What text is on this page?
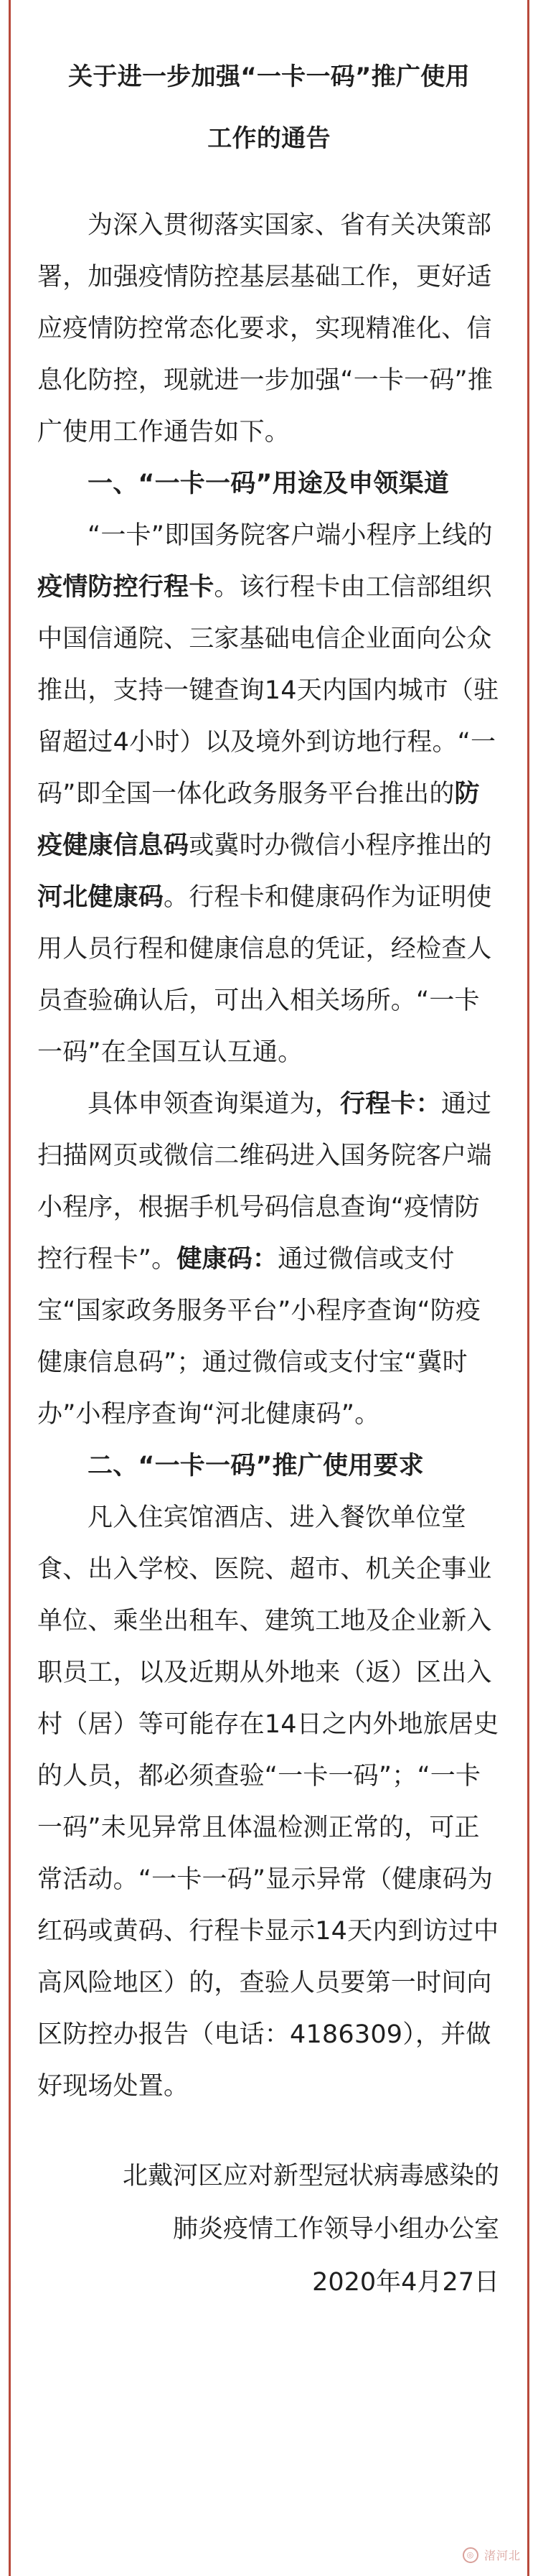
关于进一步加强“一卡一码”推广使用
工作的通告

为深入贯彻落实国家、省有关决策部署，加强疫情防控基层基础工作，更好适应疫情防控常态化要求，实现精准化、信息化防控，现就进一步加强“一卡一码”推广使用工作通告如下。

一、“一卡一码”用途及申领渠道

“一卡”即国务院客户端小程序上线的疫情防控行程卡。该行程卡由工信部组织中国信通院、三家基础电信企业面向公众推出，支持一键查询14天内国内城市（驻留超过4小时）以及境外到访地行程。“一码”即全国一体化政务服务平台推出的防疫健康信息码或冀时办微信小程序推出的河北健康码。行程卡和健康码作为证明使用人员行程和健康信息的凭证，经检查人员查验确认后，可出入相关场所。“一卡一码”在全国互认互通。

具体申领查询渠道为，行程卡：通过扫描网页或微信二维码进入国务院客户端小程序，根据手机号码信息查询“疫情防控行程卡”。健康码：通过微信或支付宝“国家政务服务平台”小程序查询“防疫健康信息码”；通过微信或支付宝“冀时办”小程序查询“河北健康码”。

二、“一卡一码”推广使用要求

凡入住宾馆酒店、进入餐饮单位堂食、出入学校、医院、超市、机关企事业单位、乘坐出租车、建筑工地及企业新入职员工，以及近期从外地来（返）区出入村（居）等可能存在14日之内外地旅居史的人员，都必须查验“一卡一码”；“一卡一码”未见异常且体温检测正常的，可正常活动。“一卡一码”显示异常（健康码为红码或黄码、行程卡显示14天内到访过中高风险地区）的，查验人员要第一时间向区防控办报告（电话：4186309），并做好现场处置。

北戴河区应对新型冠状病毒感染的

肺炎疫情工作领导小组办公室

2020年4月27日

◎ 渚河北
